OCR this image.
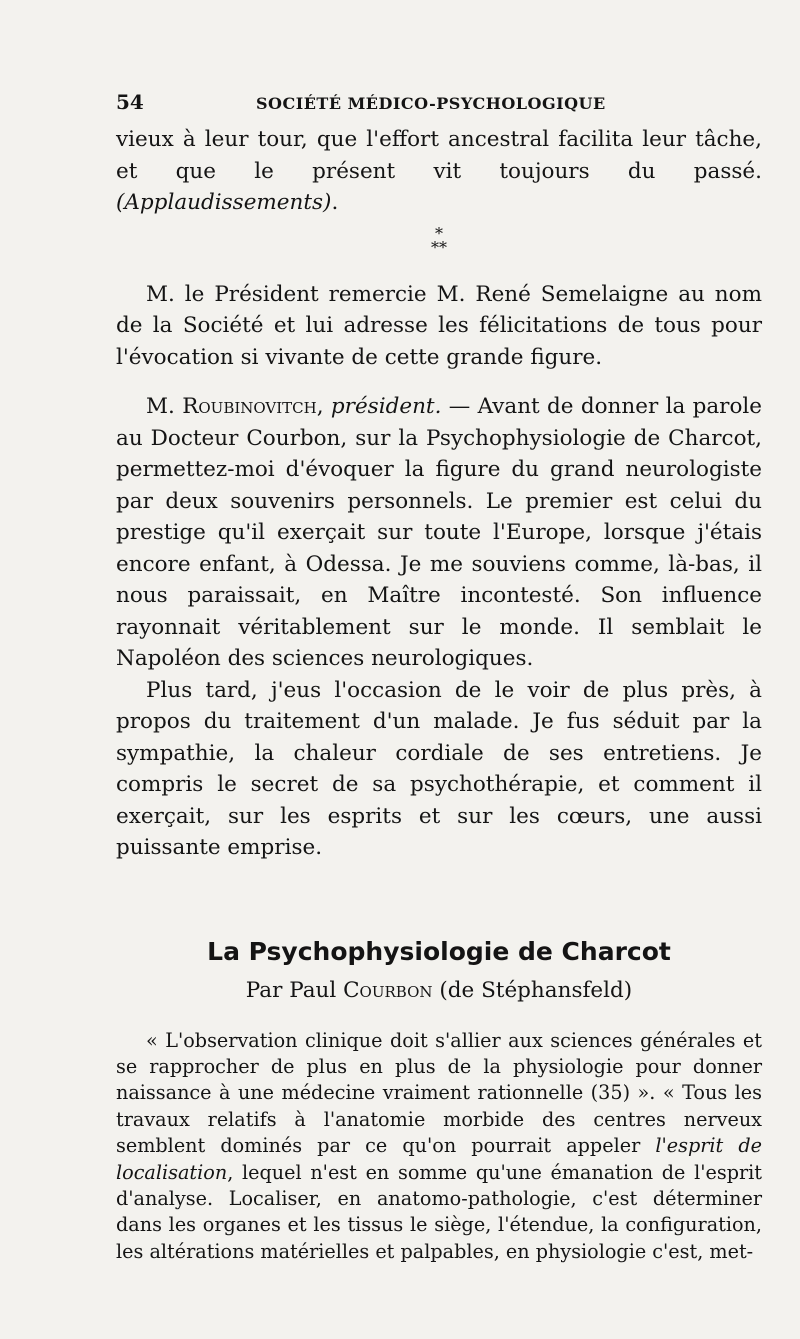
54	SOCIÉTÉ MÉDICO-PSYCHOLOGIQUE

vieux à leur tour, que l'effort ancestral facilita leur tâche, et que le présent vit toujours du passé. (Applaudissements).

*
**

M. le Président remercie M. René Semelaigne au nom de la Société et lui adresse les félicitations de tous pour l'évocation si vivante de cette grande figure.

M. Roubinovitch, président. — Avant de donner la parole au Docteur Courbon, sur la Psychophysiologie de Charcot, permettez-moi d'évoquer la figure du grand neurologiste par deux souvenirs personnels. Le premier est celui du prestige qu'il exerçait sur toute l'Europe, lorsque j'étais encore enfant, à Odessa. Je me souviens comme, là-bas, il nous paraissait, en Maître incontesté. Son influence rayonnait véritablement sur le monde. Il semblait le Napoléon des sciences neurologiques.

Plus tard, j'eus l'occasion de le voir de plus près, à propos du traitement d'un malade. Je fus séduit par la sympathie, la chaleur cordiale de ses entretiens. Je compris le secret de sa psychothérapie, et comment il exerçait, sur les esprits et sur les cœurs, une aussi puissante emprise.

La Psychophysiologie de Charcot
Par Paul Courbon (de Stéphansfeld)

« L'observation clinique doit s'allier aux sciences générales et se rapprocher de plus en plus de la physiologie pour donner naissance à une médecine vraiment rationnelle (35) ». « Tous les travaux relatifs à l'anatomie morbide des centres nerveux semblent dominés par ce qu'on pourrait appeler l'esprit de localisation, lequel n'est en somme qu'une émanation de l'esprit d'analyse. Localiser, en anatomo-pathologie, c'est déterminer dans les organes et les tissus le siège, l'étendue, la configuration, les altérations matérielles et palpables, en physiologie c'est, met-
